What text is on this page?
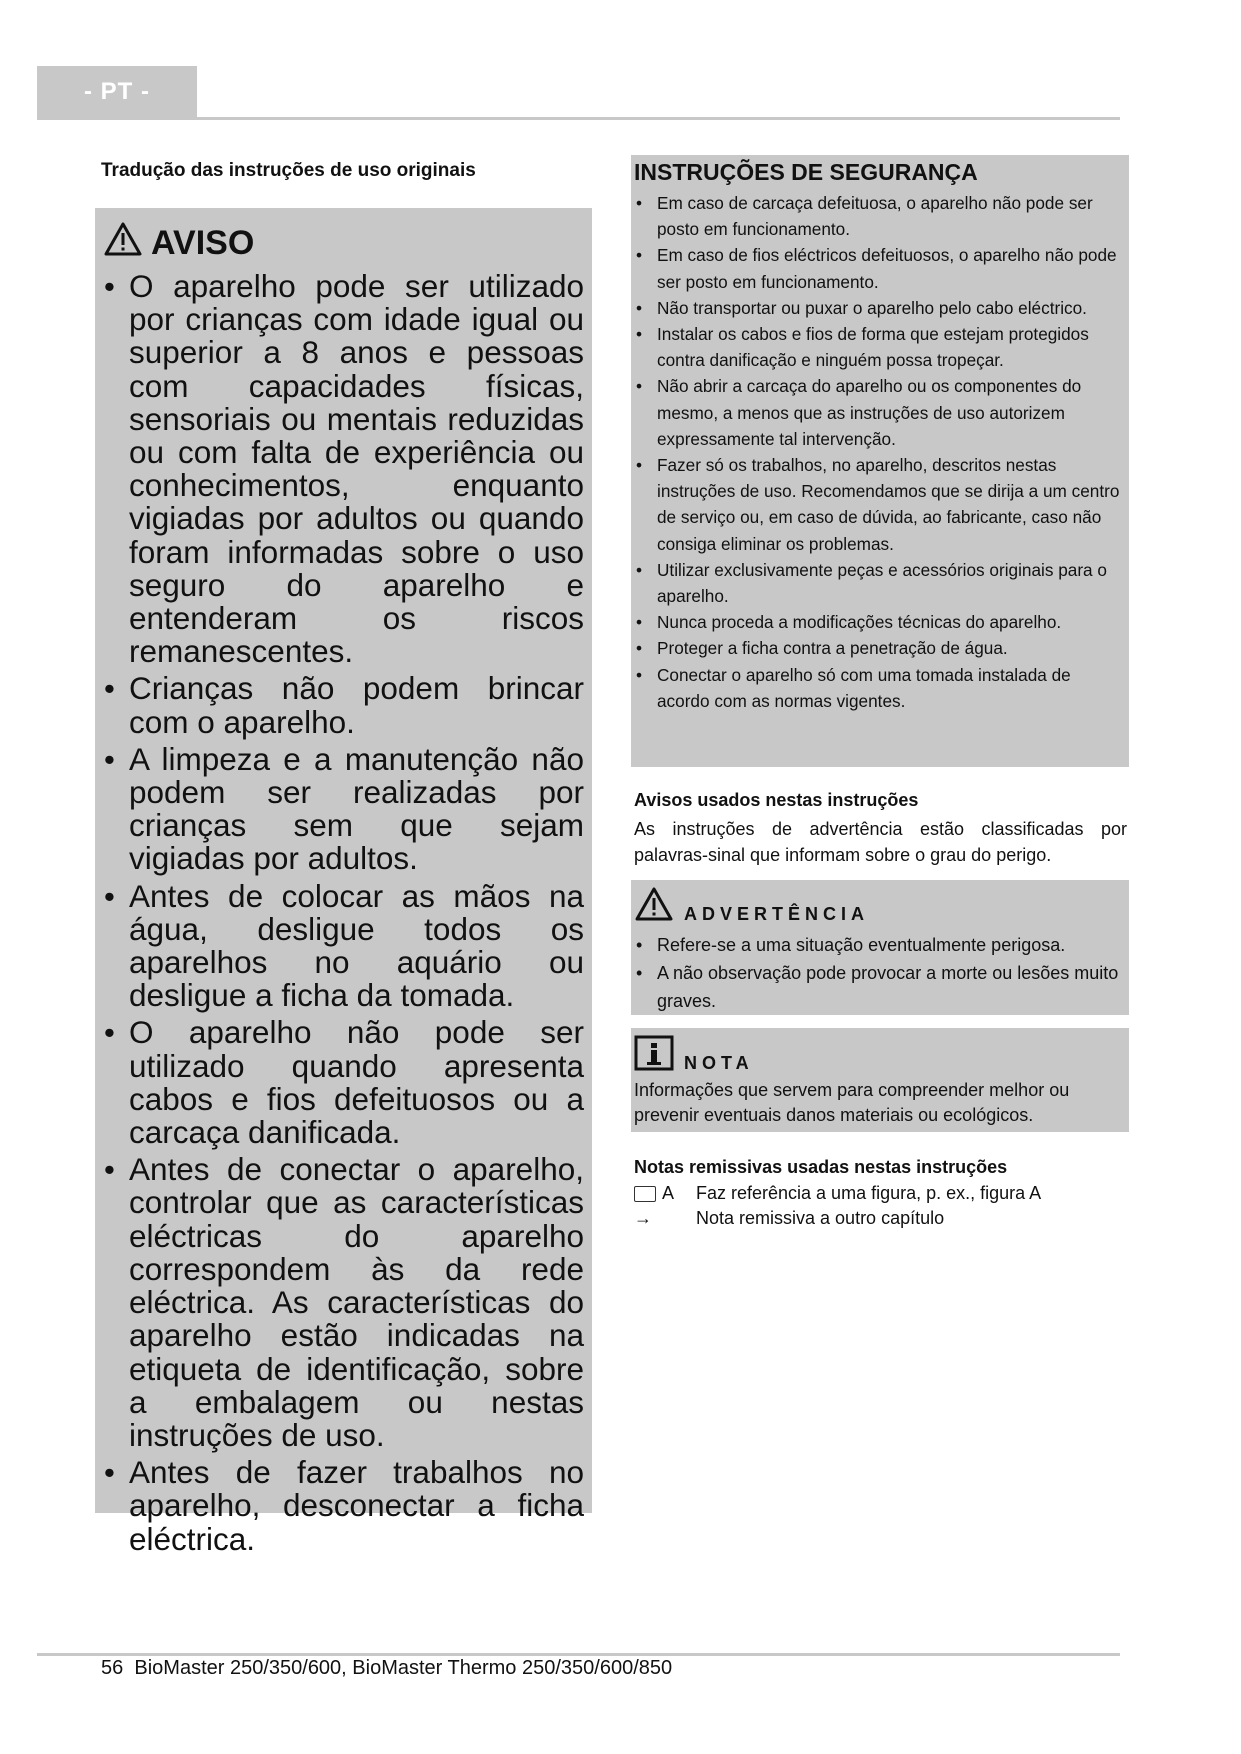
- PT -
Tradução das instruções de uso originais
AVISO
• O aparelho pode ser utilizado por crianças com idade igual ou superior a 8 anos e pessoas com capacidades físicas, sensoriais ou mentais reduzidas ou com falta de experiência ou conhecimentos, enquanto vigiadas por adultos ou quando foram informadas sobre o uso seguro do aparelho e entenderam os riscos remanescentes.
• Crianças não podem brincar com o aparelho.
• A limpeza e a manutenção não podem ser realizadas por crianças sem que sejam vigiadas por adultos.
• Antes de colocar as mãos na água, desligue todos os aparelhos no aquário ou desligue a ficha da tomada.
• O aparelho não pode ser utilizado quando apresenta cabos e fios defeituosos ou a carcaça danificada.
• Antes de conectar o aparelho, controlar que as características eléctricas do aparelho correspondem às da rede eléctrica. As características do aparelho estão indicadas na etiqueta de identificação, sobre a embalagem ou nestas instruções de uso.
• Antes de fazer trabalhos no aparelho, desconectar a ficha eléctrica.
INSTRUÇÕES DE SEGURANÇA
• Em caso de carcaça defeituosa, o aparelho não pode ser posto em funcionamento.
• Em caso de fios eléctricos defeituosos, o aparelho não pode ser posto em funcionamento.
• Não transportar ou puxar o aparelho pelo cabo eléctrico.
• Instalar os cabos e fios de forma que estejam protegidos contra danificação e ninguém possa tropeçar.
• Não abrir a carcaça do aparelho ou os componentes do mesmo, a menos que as instruções de uso autorizem expressamente tal intervenção.
• Fazer só os trabalhos, no aparelho, descritos nestas instruções de uso. Recomendamos que se dirija a um centro de serviço ou, em caso de dúvida, ao fabricante, caso não consiga eliminar os problemas.
• Utilizar exclusivamente peças e acessórios originais para o aparelho.
• Nunca proceda a modificações técnicas do aparelho.
• Proteger a ficha contra a penetração de água.
• Conectar o aparelho só com uma tomada instalada de acordo com as normas vigentes.
Avisos usados nestas instruções
As instruções de advertência estão classificadas por palavras-sinal que informam sobre o grau do perigo.
ADVERTÊNCIA
• Refere-se a uma situação eventualmente perigosa.
• A não observação pode provocar a morte ou lesões muito graves.
NOTA
Informações que servem para compreender melhor ou prevenir eventuais danos materiais ou ecológicos.
Notas remissivas usadas nestas instruções
A Faz referência a uma figura, p. ex., figura A
→ Nota remissiva a outro capítulo
56 BioMaster 250/350/600, BioMaster Thermo 250/350/600/850
